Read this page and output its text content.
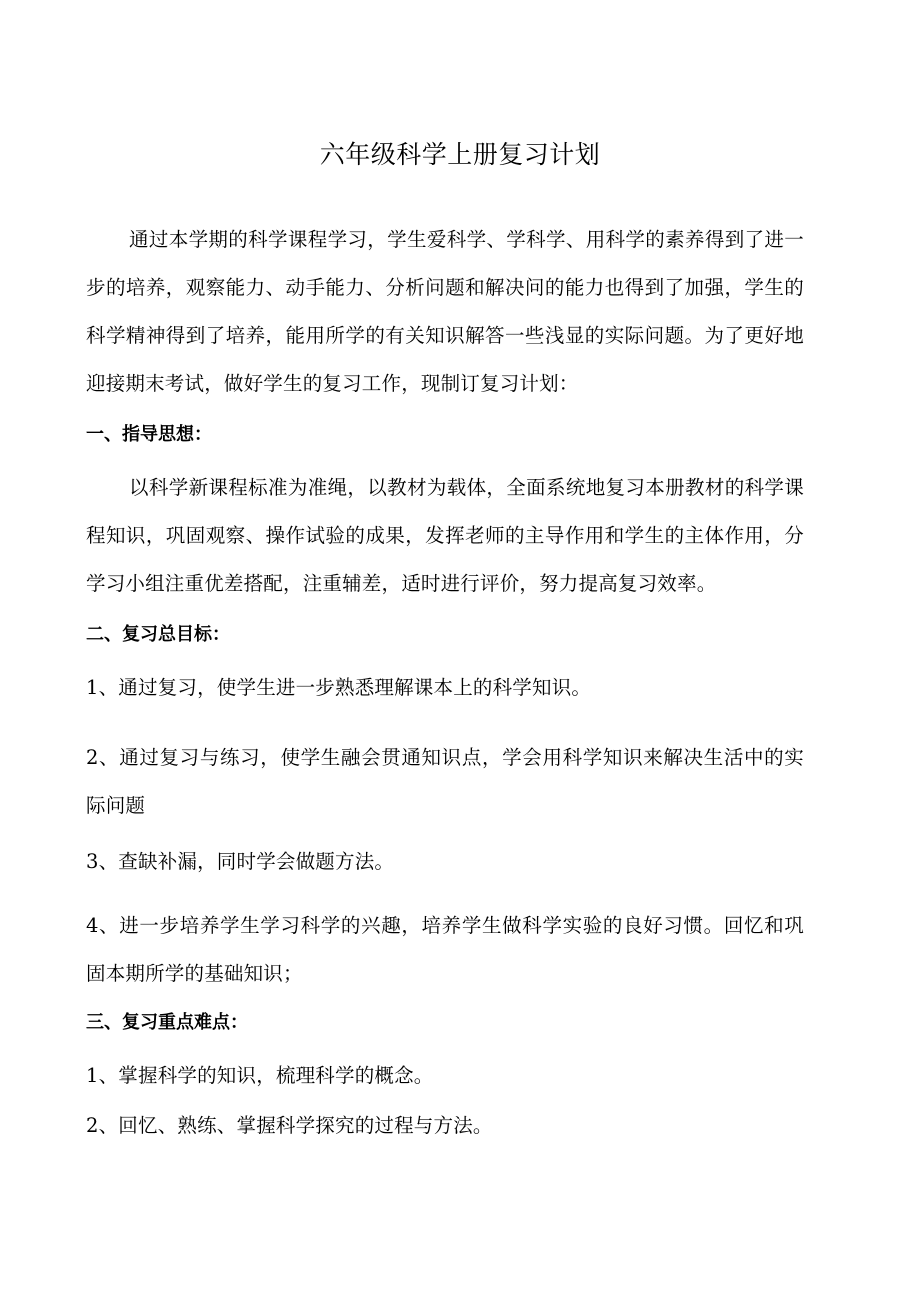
六年级科学上册复习计划
通过本学期的科学课程学习，学生爱科学、学科学、用科学的素养得到了进一步的培养，观察能力、动手能力、分析问题和解决问的能力也得到了加强，学生的科学精神得到了培养，能用所学的有关知识解答一些浅显的实际问题。为了更好地迎接期末考试，做好学生的复习工作，现制订复习计划：
一、指导思想：
以科学新课程标准为准绳，以教材为载体，全面系统地复习本册教材的科学课程知识，巩固观察、操作试验的成果，发挥老师的主导作用和学生的主体作用，分学习小组注重优差搭配，注重辅差，适时进行评价，努力提高复习效率。
二、复习总目标：
1、通过复习，使学生进一步熟悉理解课本上的科学知识。
2、通过复习与练习，使学生融会贯通知识点，学会用科学知识来解决生活中的实际问题
3、查缺补漏，同时学会做题方法。
4、进一步培养学生学习科学的兴趣，培养学生做科学实验的良好习惯。回忆和巩固本期所学的基础知识；
三、复习重点难点：
1、掌握科学的知识，梳理科学的概念。
2、回忆、熟练、掌握科学探究的过程与方法。
